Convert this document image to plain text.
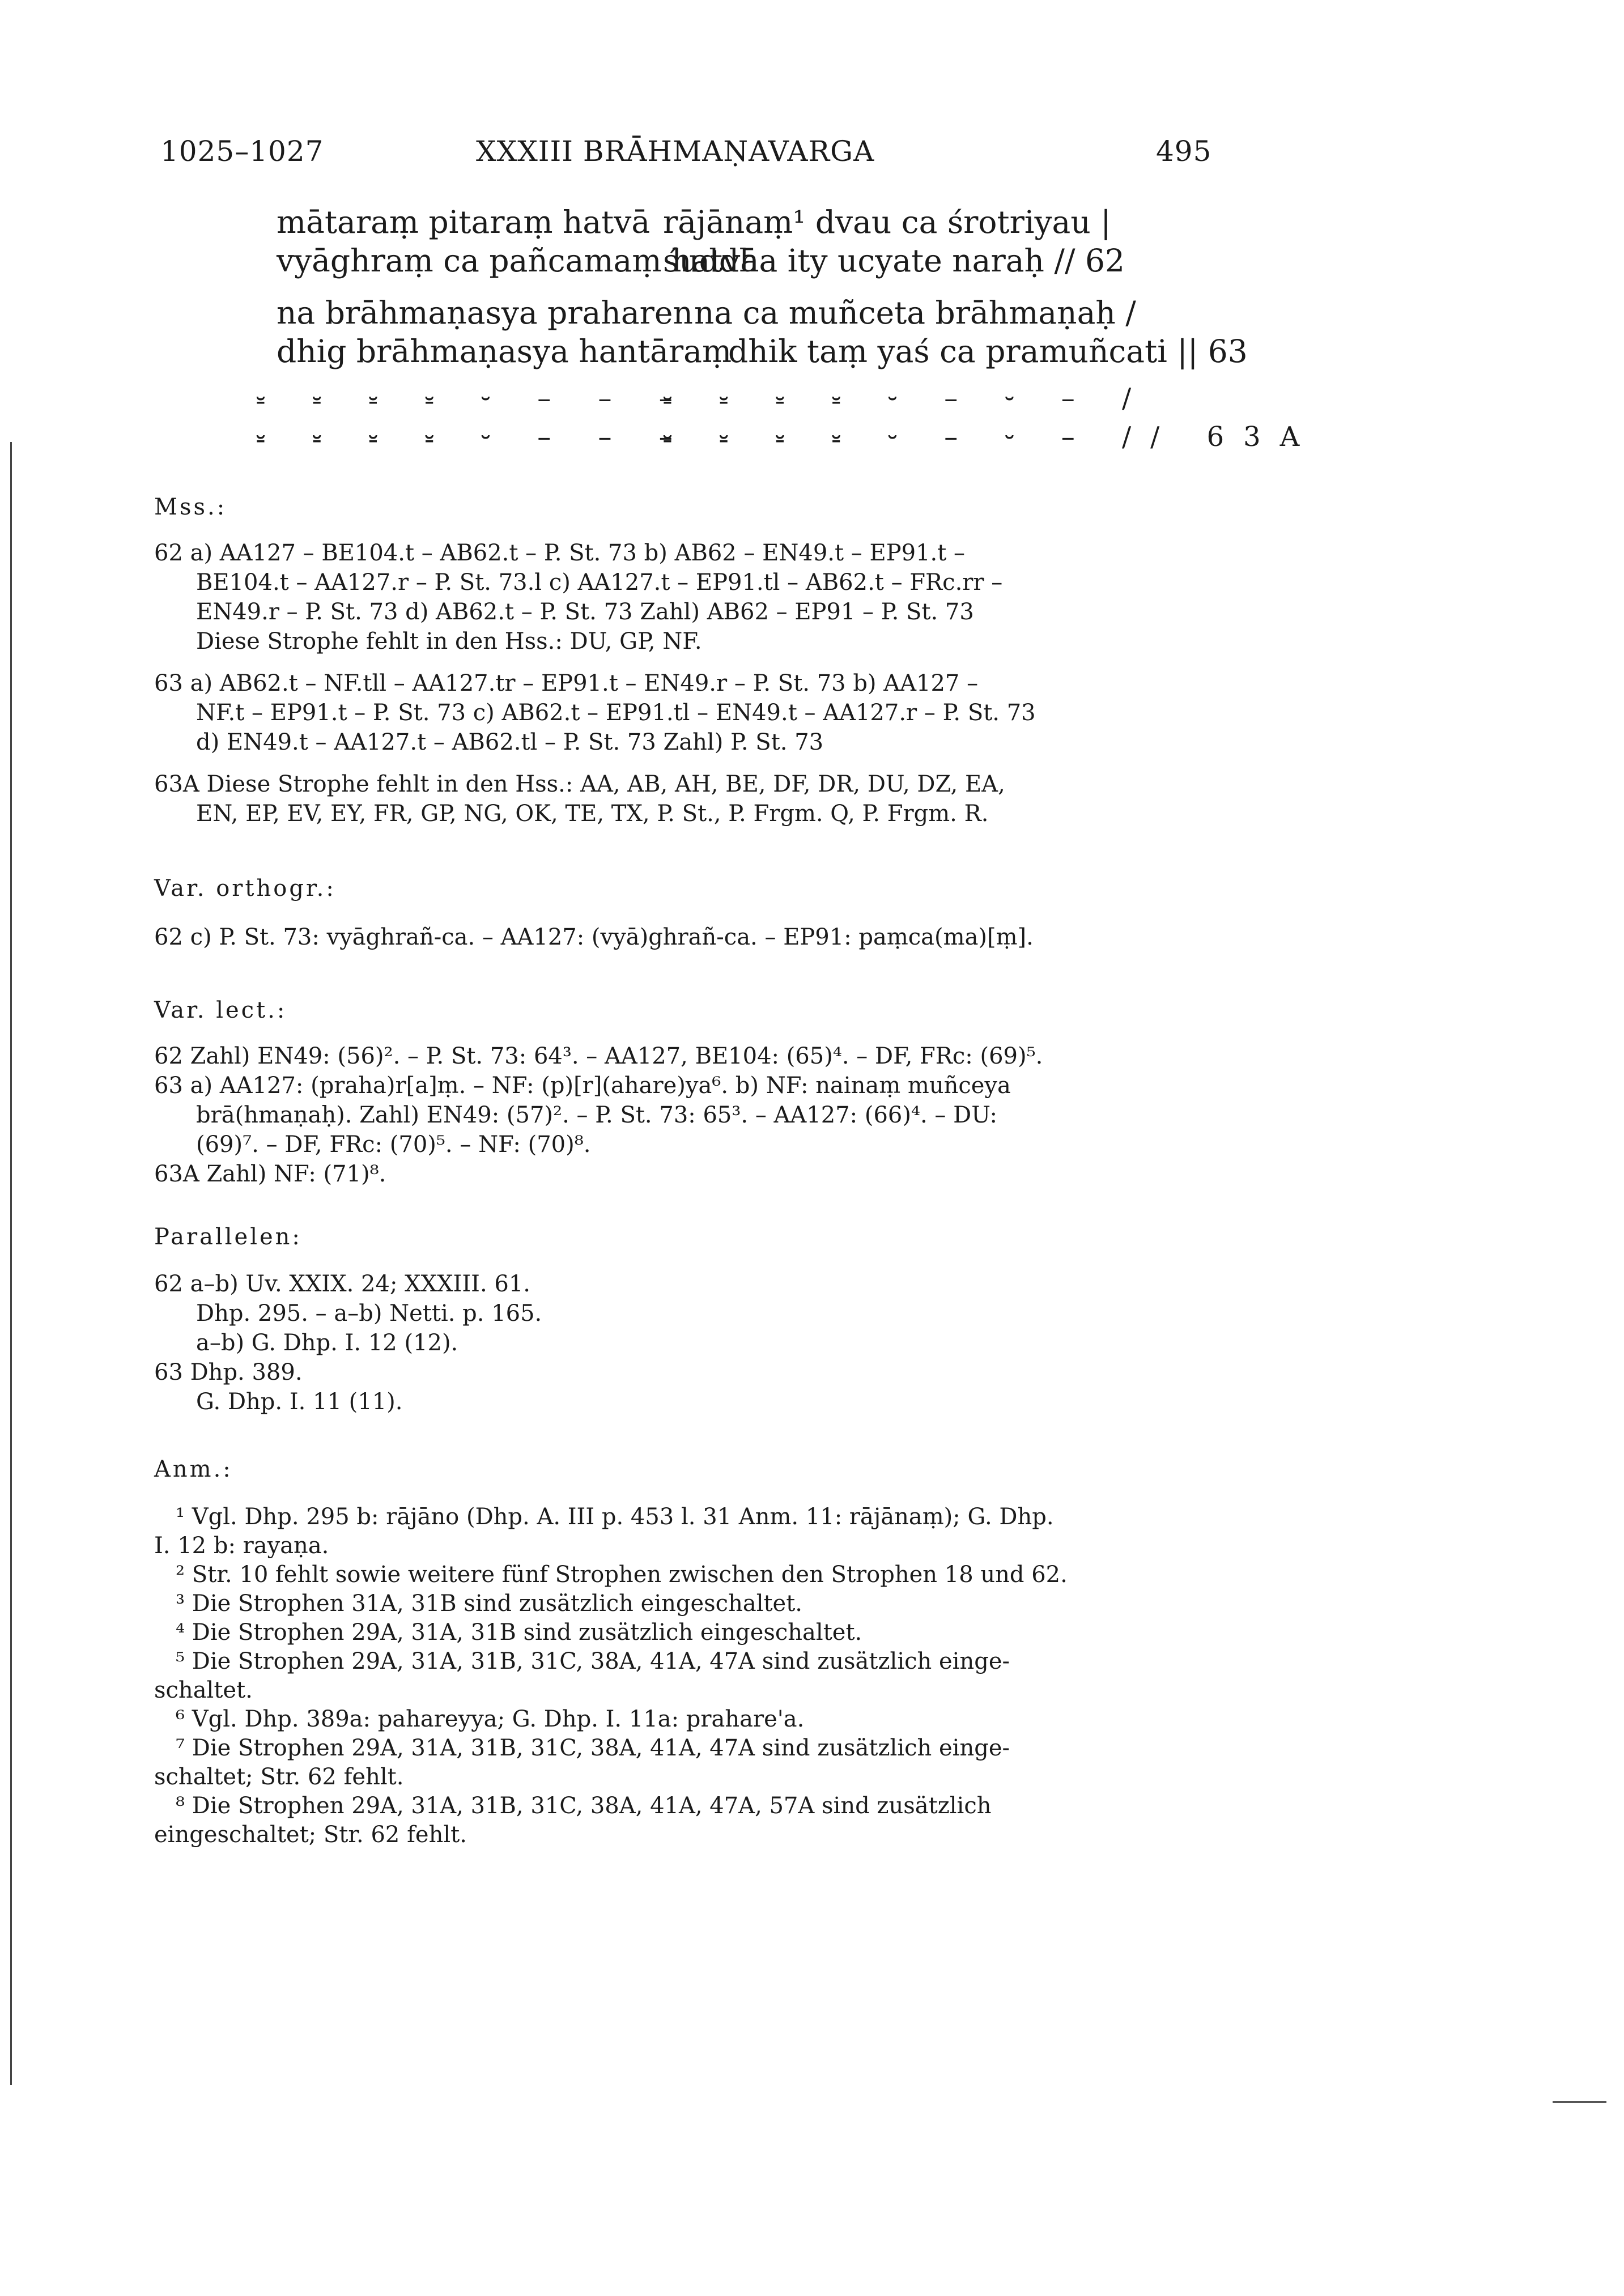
1025–1027	XXXIII BRĀHMAṆAVARGA	495
mātaraṃ pitaraṃ hatvā rājānaṃ¹ dvau ca śrotriyau |
vyāghraṃ ca pañcamaṃ hatvā
śuddha ity ucyate naraḥ // 62
na brāhmaṇasya praharen na ca muñceta brāhmaṇaḥ /
dhig brāhmaṇasya hantāraṃ
dhik taṃ yaś ca pramuñcati || 63
⏓ ⏓ ⏓ ⏓ ⏑ – – –
⏓ ⏓ ⏓ ⏓ ⏑ – ⏑ – /
⏓ ⏓ ⏓ ⏓ ⏑ – – –
⏓ ⏓ ⏓ ⏓ ⏑ – ⏑ – // 63A
Mss.:
62 a) AA127 – BE104.t – AB62.t – P. St. 73 b) AB62 – EN49.t – EP91.t –
BE104.t – AA127.r – P. St. 73.l c) AA127.t – EP91.tl – AB62.t – FRc.rr –
EN49.r – P. St. 73 d) AB62.t – P. St. 73 Zahl) AB62 – EP91 – P. St. 73
Diese Strophe fehlt in den Hss.: DU, GP, NF.
63 a) AB62.t – NF.tll – AA127.tr – EP91.t – EN49.r – P. St. 73 b) AA127 –
NF.t – EP91.t – P. St. 73 c) AB62.t – EP91.tl – EN49.t – AA127.r – P. St. 73
d) EN49.t – AA127.t – AB62.tl – P. St. 73 Zahl) P. St. 73
63A Diese Strophe fehlt in den Hss.: AA, AB, AH, BE, DF, DR, DU, DZ, EA,
EN, EP, EV, EY, FR, GP, NG, OK, TE, TX, P. St., P. Frgm. Q, P. Frgm. R.
Var. orthogr.:
62 c) P. St. 73: vyāghrañ-ca. – AA127: (vyā)ghrañ-ca. – EP91: paṃca(ma)[ṃ].
Var. lect.:
62 Zahl) EN49: (56)². – P. St. 73: 64³. – AA127, BE104: (65)⁴. – DF, FRc: (69)⁵.
63 a) AA127: (praha)r[a]ṃ. – NF: (p)[r](ahare)ya⁶. b) NF: nainaṃ muñceya
brā(hmaṇaḥ). Zahl) EN49: (57)². – P. St. 73: 65³. – AA127: (66)⁴. – DU:
(69)⁷. – DF, FRc: (70)⁵. – NF: (70)⁸.
63A Zahl) NF: (71)⁸.
Parallelen:
62 a–b) Uv. XXIX. 24; XXXIII. 61.
Dhp. 295. – a–b) Netti. p. 165.
a–b) G. Dhp. I. 12 (12).
63 Dhp. 389.
G. Dhp. I. 11 (11).
Anm.:

¹ Vgl. Dhp. 295 b: rājāno (Dhp. A. III p. 453 l. 31 Anm. 11: rājānaṃ); G. Dhp.

I. 12 b: rayaṇa.

² Str. 10 fehlt sowie weitere fünf Strophen zwischen den Strophen 18 und 62.

³ Die Strophen 31A, 31B sind zusätzlich eingeschaltet.

⁴ Die Strophen 29A, 31A, 31B sind zusätzlich eingeschaltet.

⁵ Die Strophen 29A, 31A, 31B, 31C, 38A, 41A, 47A sind zusätzlich einge-

schaltet.

⁶ Vgl. Dhp. 389a: pahareyya; G. Dhp. I. 11a: prahare'a.

⁷ Die Strophen 29A, 31A, 31B, 31C, 38A, 41A, 47A sind zusätzlich einge-

schaltet; Str. 62 fehlt.

⁸ Die Strophen 29A, 31A, 31B, 31C, 38A, 41A, 47A, 57A sind zusätzlich

eingeschaltet; Str. 62 fehlt.
